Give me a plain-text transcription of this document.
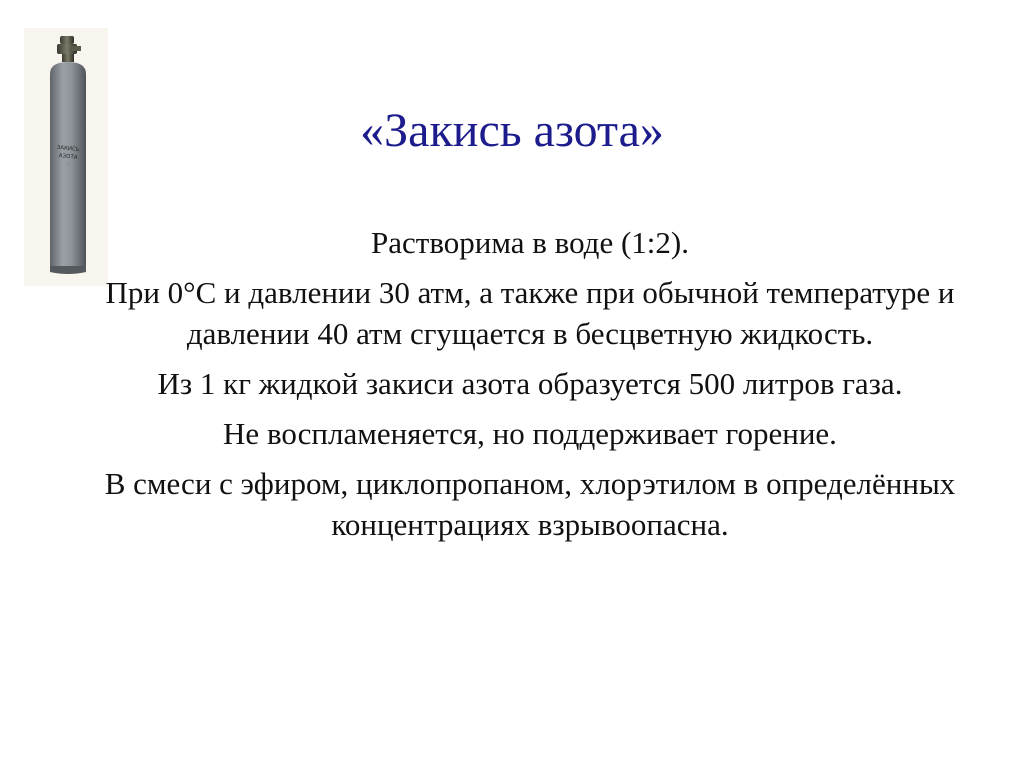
ЗАКИСЬ
АЗОТА
·
«Закись азота»

Растворима в воде (1:2).

При 0°С и давлении 30 атм, а также при обычной температуре и давлении 40 атм сгущается в бесцветную жидкость.

Из 1 кг жидкой закиси азота образуется 500 литров газа.

Не воспламеняется, но поддерживает горение.

В смеси с эфиром, циклопропаном, хлорэтилом в определённых концентрациях взрывоопасна.
